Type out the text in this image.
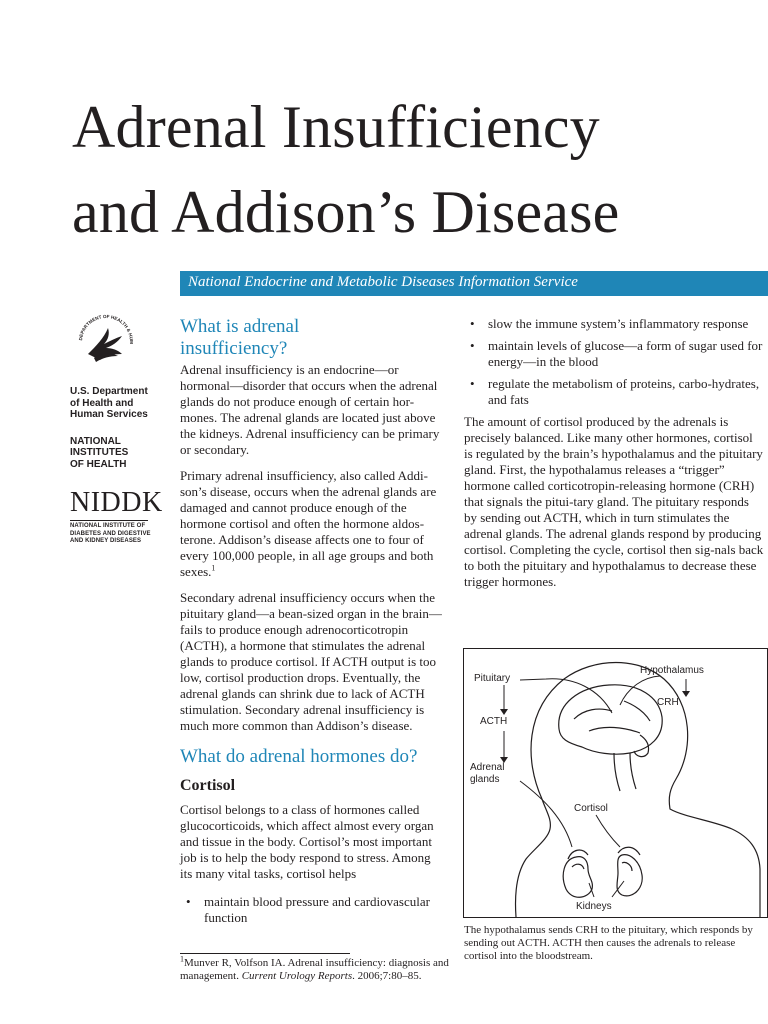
Adrenal Insufficiency
and Addison’s Disease
National Endocrine and Metabolic Diseases Information Service
DEPARTMENT OF HEALTH & HUM
U.S. Department
of Health and
Human Services
NATIONAL
INSTITUTES
OF HEALTH
NIDDK
NATIONAL INSTITUTE OF
DIABETES AND DIGESTIVE
AND KIDNEY DISEASES
What is adrenal
insufficiency?

Adrenal insufficiency is an endocrine—or hormonal—disorder that occurs when the adrenal glands do not produce enough of certain hor-mones. The adrenal glands are located just above the kidneys. Adrenal insufficiency can be primary or secondary.

Primary adrenal insufficiency, also called Addi-son’s disease, occurs when the adrenal glands are damaged and cannot produce enough of the hormone cortisol and often the hormone aldos-terone. Addison’s disease affects one to four of every 100,000 people, in all age groups and both sexes.$^1$

Secondary adrenal insufficiency occurs when the pituitary gland—a bean-sized organ in the brain—fails to produce enough adrenocorticotropin (ACTH), a hormone that stimulates the adrenal glands to produce cortisol. If ACTH output is too low, cortisol production drops. Eventually, the adrenal glands can shrink due to lack of ACTH stimulation. Secondary adrenal insufficiency is much more common than Addison’s disease.

What do adrenal hormones do?
Cortisol

Cortisol belongs to a class of hormones called glucocorticoids, which affect almost every organ and tissue in the body. Cortisol’s most important job is to help the body respond to stress. Among its many vital tasks, cortisol helps

• maintain blood pressure and cardiovascular function
$^1$Munver R, Volfson IA. Adrenal insufficiency: diagnosis and management. Current Urology Reports. 2006;7:80–85.
• slow the immune system’s inflammatory response
• maintain levels of glucose—a form of sugar used for energy—in the blood
• regulate the metabolism of proteins, carbo-hydrates, and fats

The amount of cortisol produced by the adrenals is precisely balanced. Like many other hormones, cortisol is regulated by the brain’s hypothalamus and the pituitary gland. First, the hypothalamus releases a “trigger” hormone called corticotropin-releasing hormone (CRH) that signals the pitui-tary gland. The pituitary responds by sending out ACTH, which in turn stimulates the adrenal glands. The adrenal glands respond by producing cortisol. Completing the cycle, cortisol then sig-nals back to both the pituitary and hypothalamus to decrease these trigger hormones.

Pituitary
Hypothalamus
CRH
ACTH
Adrenal
glands
Cortisol
Kidneys
The hypothalamus sends CRH to the pituitary, which responds by sending out ACTH. ACTH then causes the adrenals to release cortisol into the bloodstream.
